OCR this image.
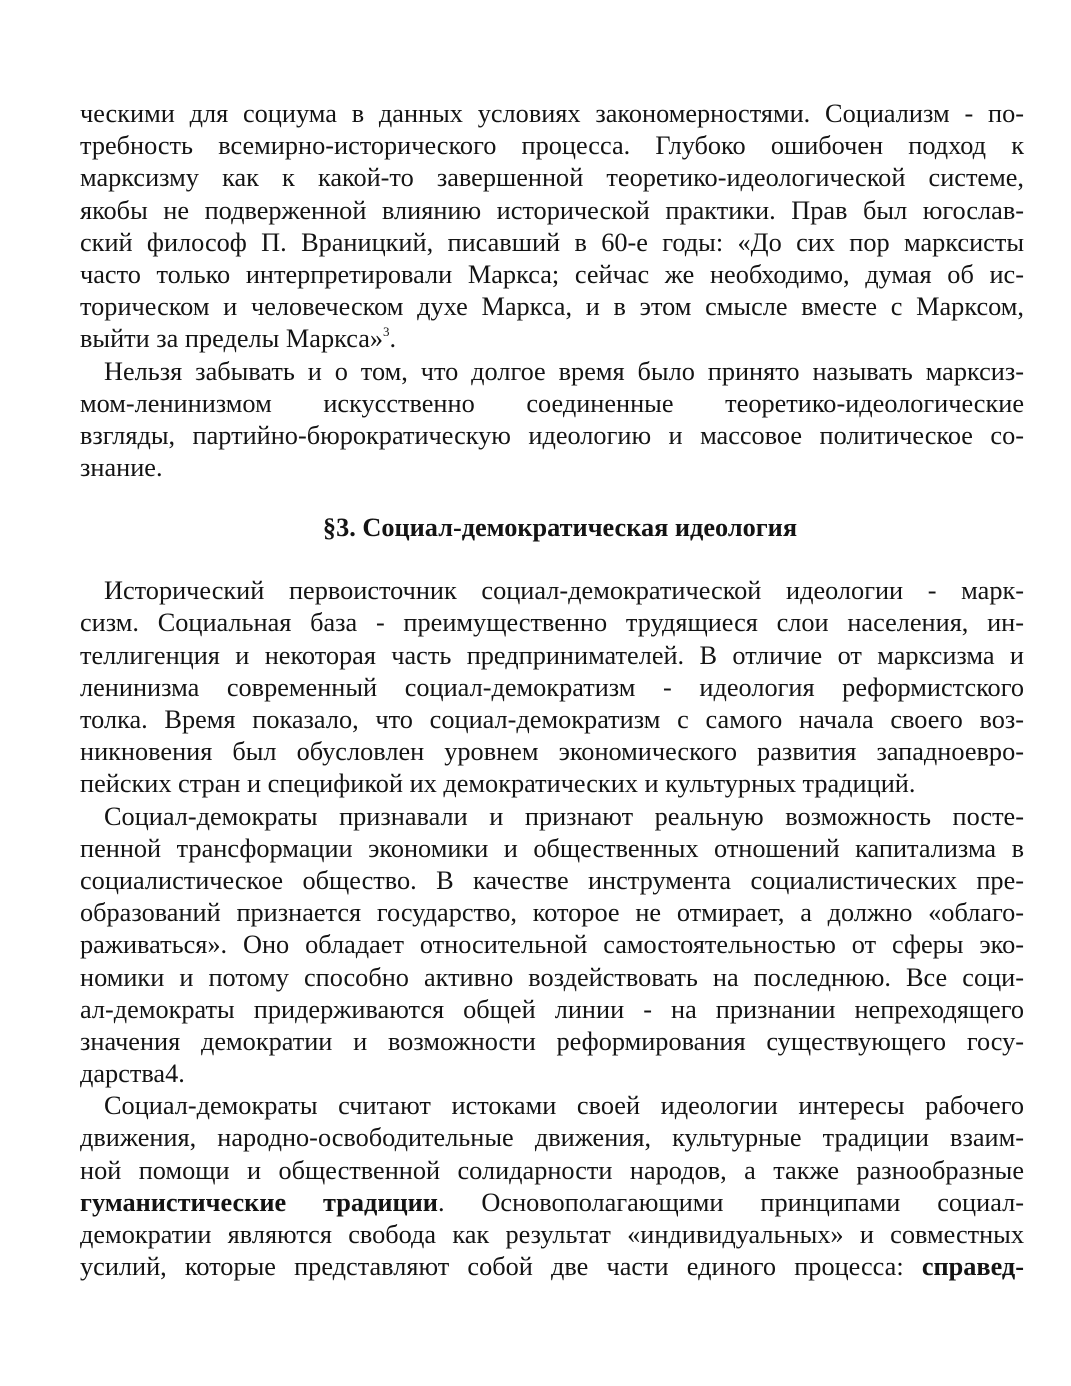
ческими для социума в данных условиях закономерностями. Социализм - по-
требность всемирно-исторического процесса. Глубоко ошибочен подход к
марксизму как к какой-то завершенной теоретико-идеологической системе,
якобы не подверженной влиянию исторической практики. Прав был югослав-
ский философ П. Враницкий, писавший в 60-е годы: «До сих пор марксисты
часто только интерпретировали Маркса; сейчас же необходимо, думая об ис-
торическом и человеческом духе Маркса, и в этом смысле вместе с Марксом,
выйти за пределы Маркса»$^3$.
Нельзя забывать и о том, что долгое время было принято называть марксиз-
мом-ленинизмом искусственно соединенные теоретико-идеологические
взгляды, партийно-бюрократическую идеологию и массовое политическое со-
знание.
§3. Социал-демократическая идеология
Исторический первоисточник социал-демократической идеологии - марк-
сизм. Социальная база - преимущественно трудящиеся слои населения, ин-
теллигенция и некоторая часть предпринимателей. В отличие от марксизма и
ленинизма современный социал-демократизм - идеология реформистского
толка. Время показало, что социал-демократизм с самого начала своего воз-
никновения был обусловлен уровнем экономического развития западноевро-
пейских стран и спецификой их демократических и культурных традиций.
Социал-демократы признавали и признают реальную возможность посте-
пенной трансформации экономики и общественных отношений капитализма в
социалистическое общество. В качестве инструмента социалистических пре-
образований признается государство, которое не отмирает, а должно «облаго-
раживаться». Оно обладает относительной самостоятельностью от сферы эко-
номики и потому способно активно воздействовать на последнюю. Все соци-
ал-демократы придерживаются общей линии - на признании непреходящего
значения демократии и возможности реформирования существующего госу-
дарства4.
Социал-демократы считают истоками своей идеологии интересы рабочего
движения, народно-освободительные движения, культурные традиции взаим-
ной помощи и общественной солидарности народов, а также разнообразные
гуманистические традиции. Основополагающими принципами социал-
демократии являются свобода как результат «индивидуальных» и совместных
усилий, которые представляют собой две части единого процесса: справед-
